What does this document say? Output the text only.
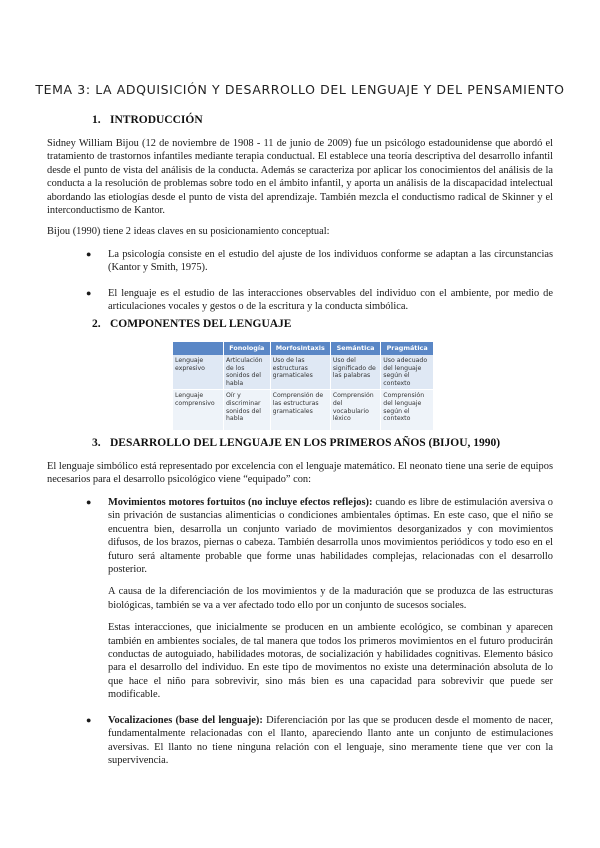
TEMA 3: LA ADQUISICIÓN Y DESARROLLO DEL LENGUAJE Y DEL PENSAMIENTO
1. INTRODUCCIÓN

Sidney William Bijou (12 de noviembre de 1908 - 11 de junio de 2009) fue un psicólogo estadounidense que abordó el tratamiento de trastornos infantiles mediante terapia conductual. El establece una teoría descriptiva del desarrollo infantil desde el punto de vista del análisis de la conducta. Además se caracteriza por aplicar los conocimientos del análisis de la conducta a la resolución de problemas sobre todo en el ámbito infantil, y aporta un análisis de la discapacidad intelectual abordando las etiologías desde el punto de vista del aprendizaje. También mezcla el conductismo radical de Skinner y el interconductismo de Kantor.

Bijou (1990) tiene 2 ideas claves en su posicionamiento conceptual:

● La psicología consiste en el estudio del ajuste de los individuos conforme se adaptan a las circunstancias (Kantor y Smith, 1975).
● El lenguaje es el estudio de las interacciones observables del individuo con el ambiente, por medio de articulaciones vocales y gestos o de la escritura y la conducta simbólica.
2. COMPONENTES DEL LENGUAJE
	Fonología	Morfosintaxis	Semántica	Pragmática
Lenguaje expresivo	Articulación de los sonidos del habla	Uso de las estructuras gramaticales	Uso del significado de las palabras	Uso adecuado del lenguaje según el contexto
Lenguaje comprensivo	Oír y discriminar sonidos del habla	Comprensión de las estructuras gramaticales	Comprensión del vocabulario léxico	Comprensión del lenguaje según el contexto
3. DESARROLLO DEL LENGUAJE EN LOS PRIMEROS AÑOS (BIJOU, 1990)

El lenguaje simbólico está representado por excelencia con el lenguaje matemático. El neonato tiene una serie de equipos necesarios para el desarrollo psicológico viene “equipado” con:

● Movimientos motores fortuitos (no incluye efectos reflejos): cuando es libre de estimulación aversiva o sin privación de sustancias alimenticias o condiciones ambientales óptimas. En este caso, que el niño se encuentra bien, desarrolla un conjunto variado de movimientos desorganizados y con movimientos difusos, de los brazos, piernas o cabeza. También desarrolla unos movimientos periódicos y todo eso en el futuro será altamente probable que forme unas habilidades complejas, relacionadas con el desarrollo posterior.

A causa de la diferenciación de los movimientos y de la maduración que se produzca de las estructuras biológicas, también se va a ver afectado todo ello por un conjunto de sucesos sociales.

Estas interacciones, que inicialmente se producen en un ambiente ecológico, se combinan y aparecen también en ambientes sociales, de tal manera que todos los primeros movimientos en el futuro producirán conductas de autoguiado, habilidades motoras, de socialización y habilidades cognitivas. Elemento básico para el desarrollo del individuo. En este tipo de movimentos no existe una determinación absoluta de lo que hace el niño para sobrevivir, sino más bien es una capacidad para sobrevivir que puede ser modificable.

● Vocalizaciones (base del lenguaje): Diferenciación por las que se producen desde el momento de nacer, fundamentalmente relacionadas con el llanto, apareciendo llanto ante un conjunto de estimulaciones aversivas. El llanto no tiene ninguna relación con el lenguaje, sino meramente tiene que ver con la supervivencia.
